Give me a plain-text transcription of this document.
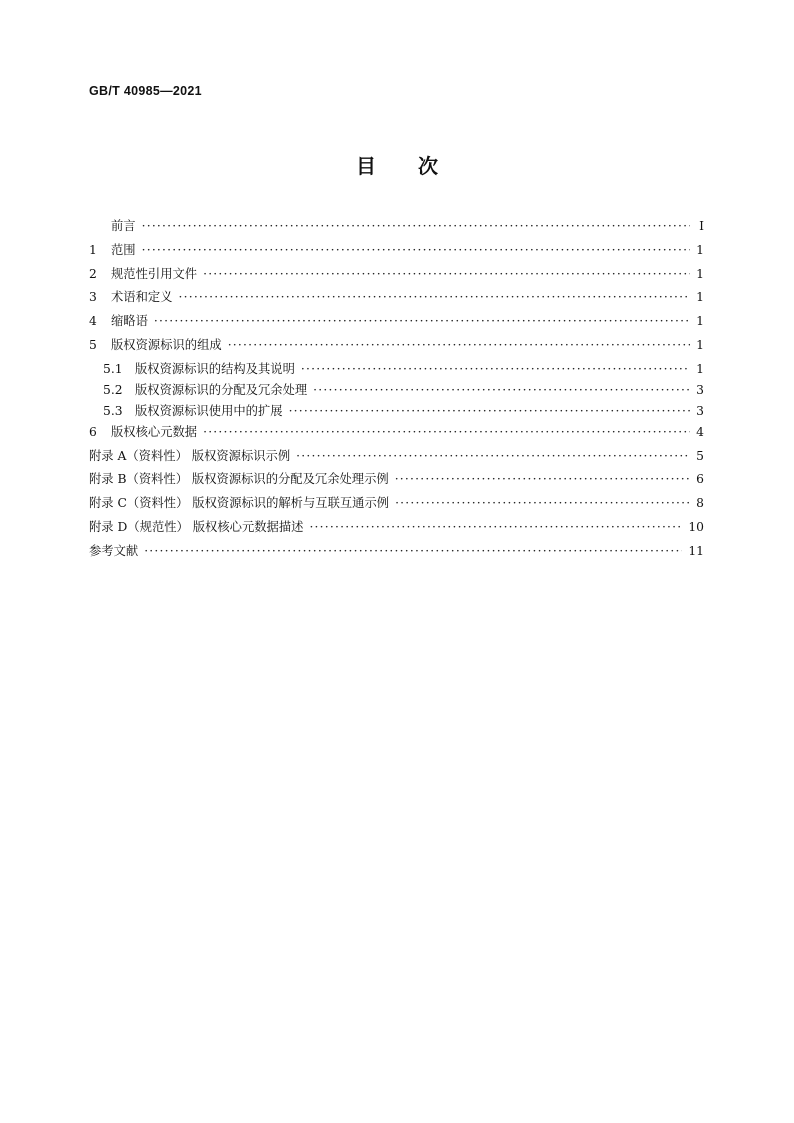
GB/T 40985—2021
目 次
前言 ·····	Ⅰ
1 范围 ·····	1
2 规范性引用文件 ·····	1
3 术语和定义 ·····	1
4 缩略语 ·····	1
5 版权资源标识的组成 ·····	1
5.1 版权资源标识的结构及其说明 ·····	1
5.2 版权资源标识的分配及冗余处理 ·····	3
5.3 版权资源标识使用中的扩展 ·····	3
6 版权核心元数据 ·····	4
附录 A（资料性） 版权资源标识示例 ·····	5
附录 B（资料性） 版权资源标识的分配及冗余处理示例 ·····	6
附录 C（资料性） 版权资源标识的解析与互联互通示例 ·····	8
附录 D（规范性） 版权核心元数据描述 ·····	10
参考文献 ·····	11
